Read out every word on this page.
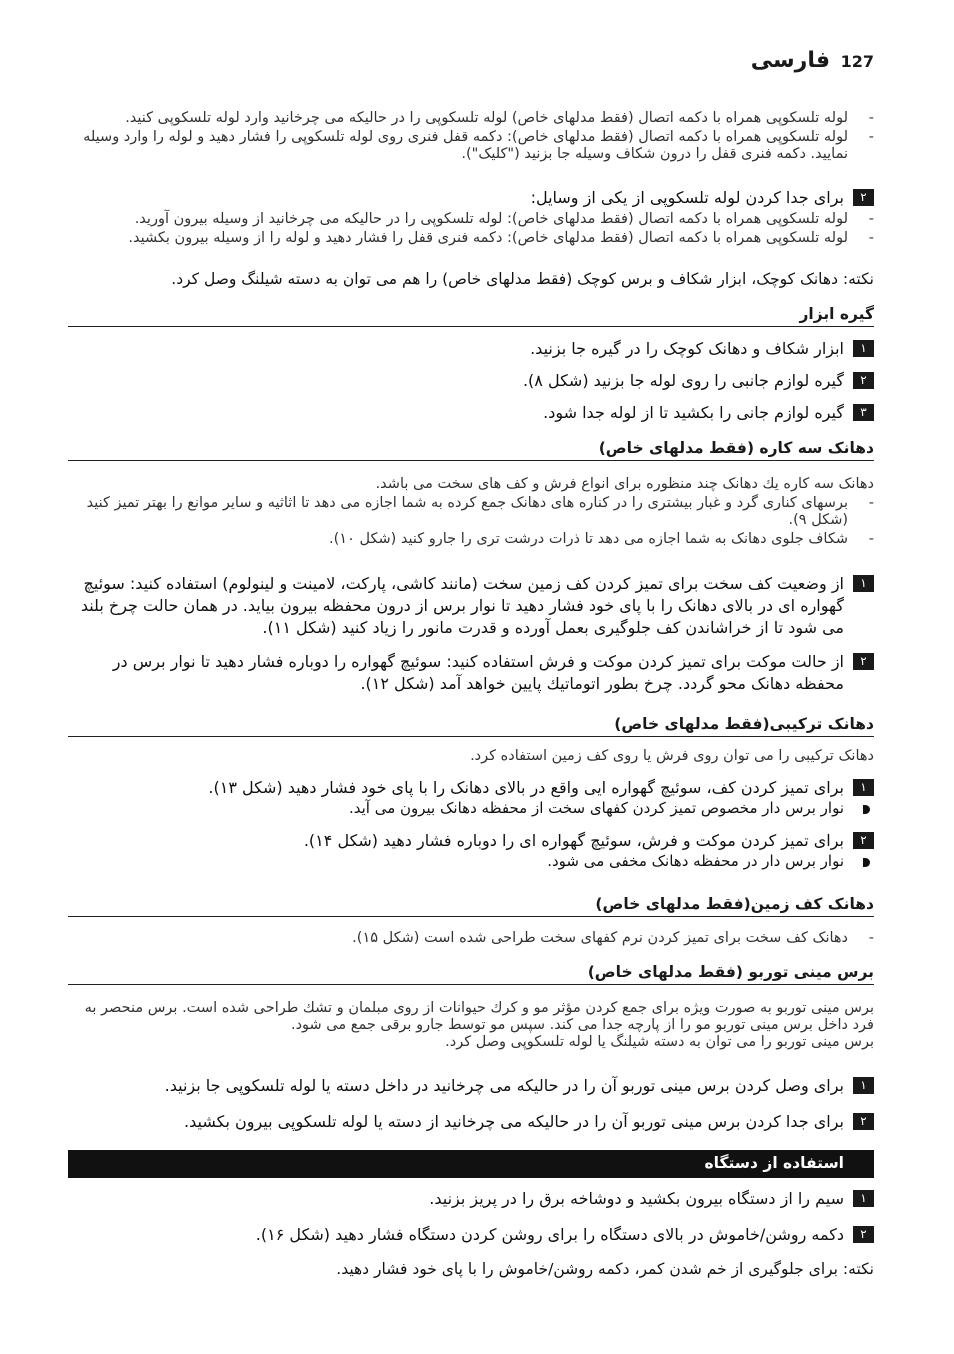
127
فارسی
-
لوله تلسکوپی همراه با دکمه اتصال (فقط مدلهای خاص) لوله تلسکوپی را در حالیکه می چرخانید وارد لوله تلسکوپی کنید.
-
لوله تلسکوپی همراه با دکمه اتصال (فقط مدلهای خاص): دکمه قفل فنری روی لوله تلسکوپی را فشار دهید و لوله را وارد وسیله نمایید. دکمه فنری قفل را درون شکاف وسیله جا بزنید ("کلیک").
۲
برای جدا کردن لوله تلسکوپی از یکی از وسایل:
-
لوله تلسکوپی همراه با دکمه اتصال (فقط مدلهای خاص): لوله تلسکوپی را در حالیکه می چرخانید از وسیله بیرون آورید.
-
لوله تلسکوپی همراه با دکمه اتصال (فقط مدلهای خاص): دکمه فنری قفل را فشار دهید و لوله را از وسیله بیرون بکشید.
نکته: دهانک کوچک، ابزار شکاف و برس کوچک (فقط مدلهای خاص) را هم می توان به دسته شیلنگ وصل کرد.
گیره ابزار
۱
ابزار شکاف و دهانک کوچک را در گیره جا بزنید.
۲
گیره لوازم جانبی را روی لوله جا بزنید (شکل ۸).
۳
گیره لوازم جانی را بکشید تا از لوله جدا شود.
دهانک سه کاره (فقط مدلهای خاص)
دهانک سه کاره یك دهانک چند منظوره برای انواع فرش و کف های سخت می باشد.
-
برسهای کناری گرد و غبار بیشتری را در کناره های دهانک جمع کرده به شما اجازه می دهد تا اثاثیه و سایر موانع را بهتر تمیز کنید (شکل ۹).
-
شکاف جلوی دهانک به شما اجازه می دهد تا ذرات درشت تری را جارو کنید (شکل ۱۰).
۱
از وضعیت کف سخت برای تمیز کردن کف زمین سخت (مانند کاشی، پارکت، لامینت و لینولوم) استفاده کنید: سوئیچ گهواره ای در بالای دهانک را با پای خود فشار دهید تا نوار برس از درون محفظه بیرون بیاید. در همان حالت چرخ بلند می شود تا از خراشاندن کف جلوگیری بعمل آورده و قدرت مانور را زیاد کنید (شکل ۱۱).
۲
از حالت موکت برای تمیز کردن موکت و فرش استفاده کنید: سوئیچ گهواره را دوباره فشار دهید تا نوار برس در محفظه دهانک محو گردد. چرخ بطور اتوماتیك پایین خواهد آمد (شکل ۱۲).
دهانک ترکیبی(فقط مدلهای خاص)
دهانک ترکیبی را می توان روی فرش یا روی کف زمین استفاده کرد.
۱
برای تمیز کردن کف، سوئیچ گهواره ایی واقع در بالای دهانک را با پای خود فشار دهید (شکل ۱۳).
نوار برس دار مخصوص تمیز کردن کفهای سخت از محفظه دهانک بیرون می آید.
۲
برای تمیز کردن موکت و فرش، سوئیچ گهواره ای را دوباره فشار دهید (شکل ۱۴).
نوار برس دار در محفظه دهانک مخفی می شود.
دهانک کف زمین(فقط مدلهای خاص)
-
دهانک کف سخت برای تمیز کردن نرم کفهای سخت طراحی شده است (شکل ۱۵).
برس مینی توربو (فقط مدلهای خاص)
برس مینی توربو به صورت ویژه برای جمع کردن مؤثر مو و کرك حیوانات از روی مبلمان و تشك طراحی شده است. برس منحصر به فرد داخل برس مینی توربو مو را از پارچه جدا می کند. سپس مو توسط جارو برقی جمع می شود.
برس مینی توربو را می توان به دسته شیلنگ یا لوله تلسکوپی وصل کرد.
۱
برای وصل کردن برس مینی توربو آن را در حالیکه می چرخانید در داخل دسته یا لوله تلسکوپی جا بزنید.
۲
برای جدا کردن برس مینی توربو آن را در حالیکه می چرخانید از دسته یا لوله تلسکوپی بیرون بکشید.
استفاده از دستگاه
۱
سیم را از دستگاه بیرون بکشید و دوشاخه برق را در پریز بزنید.
۲
دکمه روشن/خاموش در بالای دستگاه را برای روشن کردن دستگاه فشار دهید (شکل ۱۶).
نکته: برای جلوگیری از خم شدن کمر، دکمه روشن/خاموش را با پای خود فشار دهید.
